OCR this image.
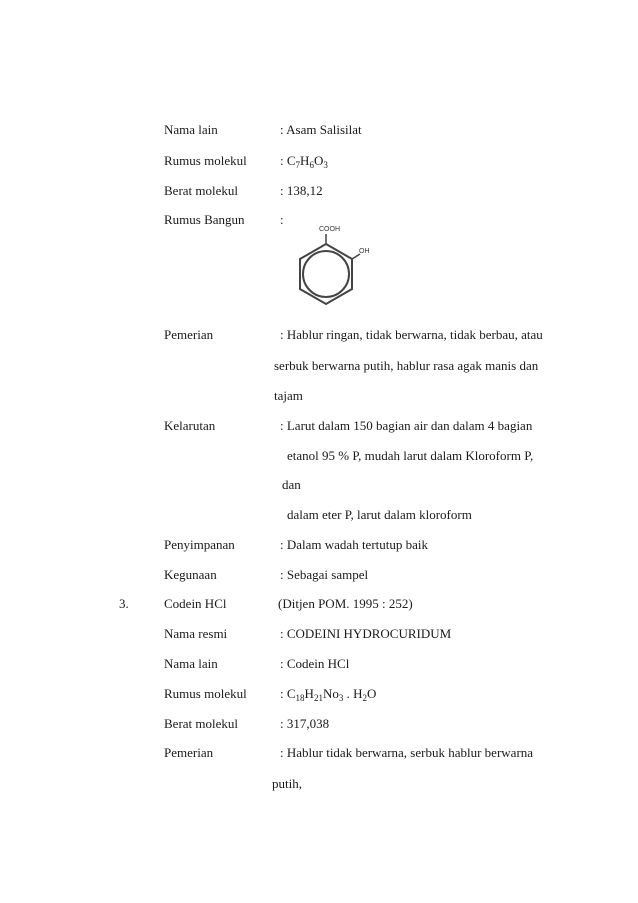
Nama lain	: Asam Salisilat
Rumus molekul	: $C_7H_6O_3$
Berat molekul	: 138,12
Rumus Bangun	:
COOH
OH
Pemerian	: Hablur ringan, tidak berwarna, tidak berbau, atau
serbuk berwarna putih, hablur rasa agak manis dan
tajam
Kelarutan	: Larut dalam 150 bagian air dan dalam 4 bagian
etanol 95 % P, mudah larut dalam Kloroform P,
dan
dalam eter P, larut dalam kloroform
Penyimpanan	: Dalam wadah tertutup baik
Kegunaan	: Sebagai sampel
3.	Codein HCl	(Ditjen POM. 1995 : 252)
Nama resmi	: CODEINI HYDROCURIDUM
Nama lain	: Codein HCl
Rumus molekul	: $C_{18}H_{21}No_3$ . $H_2O$
Berat molekul	: 317,038
Pemerian	: Hablur tidak berwarna, serbuk hablur berwarna
putih,
